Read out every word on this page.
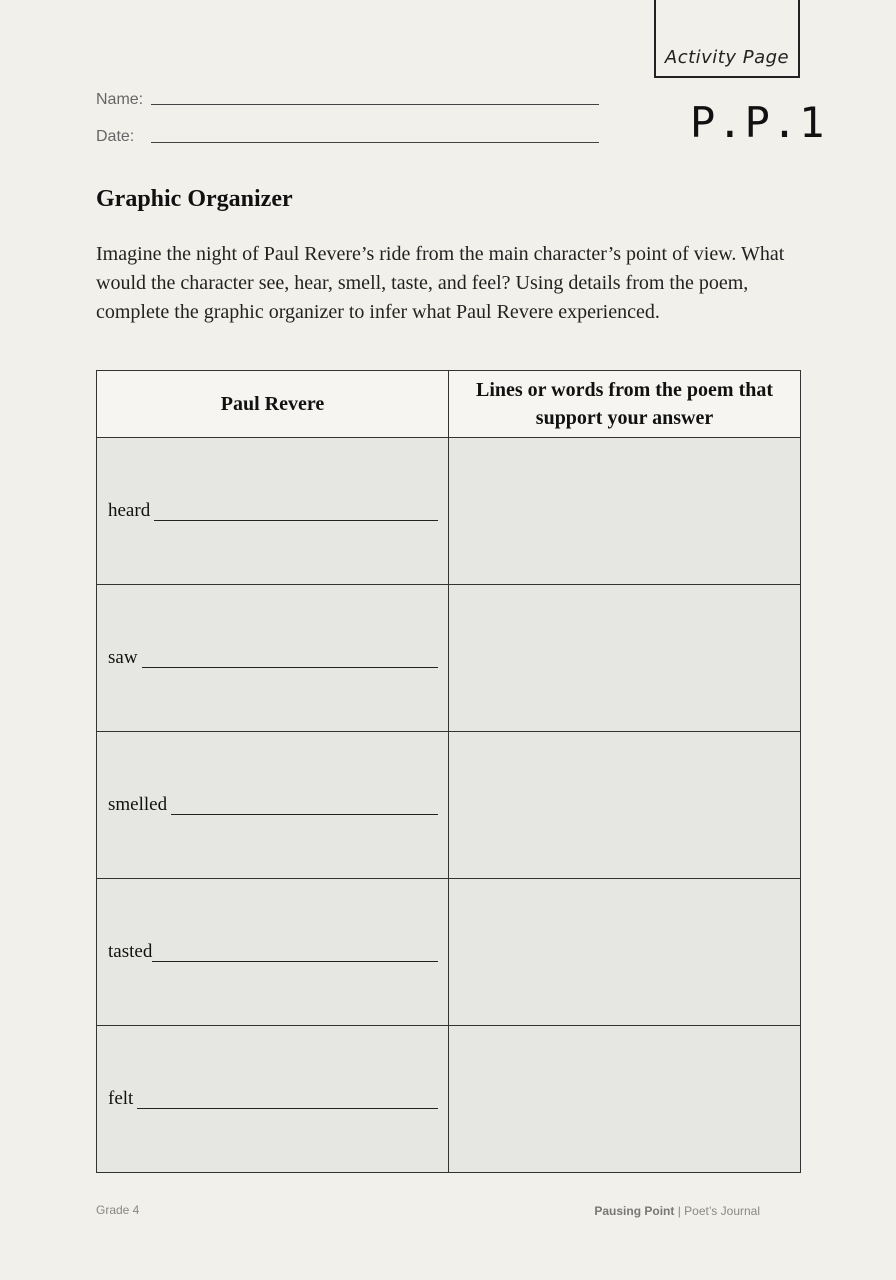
Activity Page
P.P.1
Name:
Date:
Graphic Organizer
Imagine the night of Paul Revere’s ride from the main character’s point of view. What would the character see, hear, smell, taste, and feel? Using details from the poem, complete the graphic organizer to infer what Paul Revere experienced.
Paul Revere	Lines or words from the poem that support your answer

heard	

saw	

smelled	

tasted	

felt	

Grade 4	Pausing Point | Poet’s Journal
